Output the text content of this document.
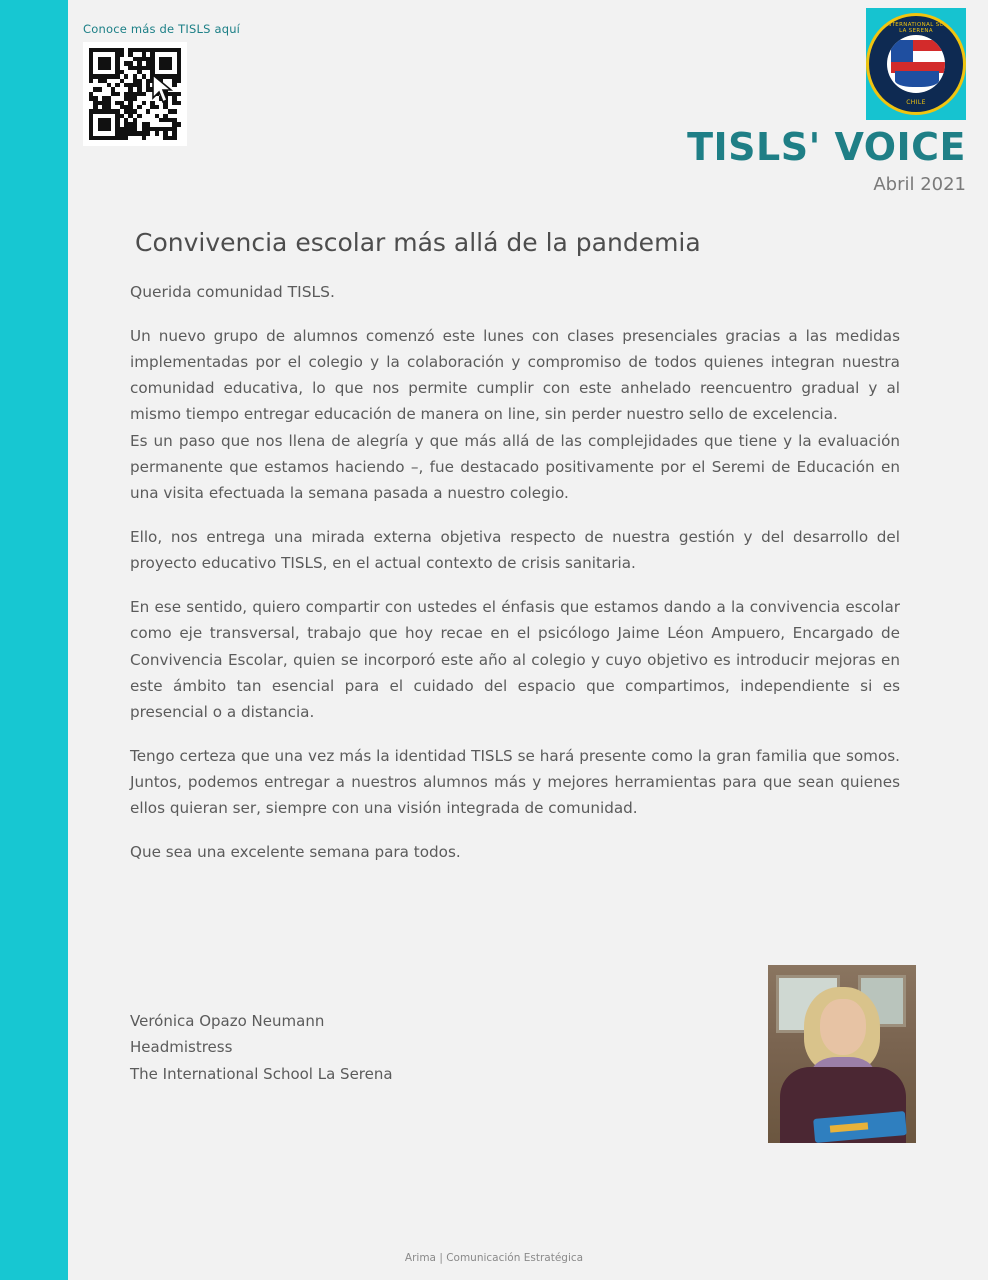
Conoce más de TISLS aquí	THE INTERNATIONAL SCHOOL LA SERENA
CHILE
TISLS' VOICE
Abril 2021
Convivencia escolar más allá de la pandemia

Querida comunidad TISLS.

Un nuevo grupo de alumnos comenzó este lunes con clases presenciales gracias a las medidas implementadas por el colegio y la colaboración y compromiso de todos quienes integran nuestra comunidad educativa, lo que nos permite cumplir con este anhelado reencuentro gradual y al mismo tiempo entregar educación de manera on line, sin perder nuestro sello de excelencia.

Es un paso que nos llena de alegría y que más allá de las complejidades que tiene y la evaluación permanente que estamos haciendo –, fue destacado positivamente por el Seremi de Educación en una visita efectuada la semana pasada a nuestro colegio.

Ello, nos entrega una mirada externa objetiva respecto de nuestra gestión y del desarrollo del proyecto educativo TISLS, en el actual contexto de crisis sanitaria.

En ese sentido, quiero compartir con ustedes el énfasis que estamos dando a la convivencia escolar como eje transversal, trabajo que hoy recae en el psicólogo Jaime Léon Ampuero, Encargado de Convivencia Escolar, quien se incorporó este año al colegio y cuyo objetivo es introducir mejoras en este ámbito tan esencial para el cuidado del espacio que compartimos, independiente si es presencial o a distancia.

Tengo certeza que una vez más la identidad TISLS se hará presente como la gran familia que somos. Juntos, podemos entregar a nuestros alumnos más y mejores herramientas para que sean quienes ellos quieran ser, siempre con una visión integrada de comunidad.

Que sea una excelente semana para todos.

Verónica Opazo Neumann
Headmistress
The International School La Serena
Arima | Comunicación Estratégica
